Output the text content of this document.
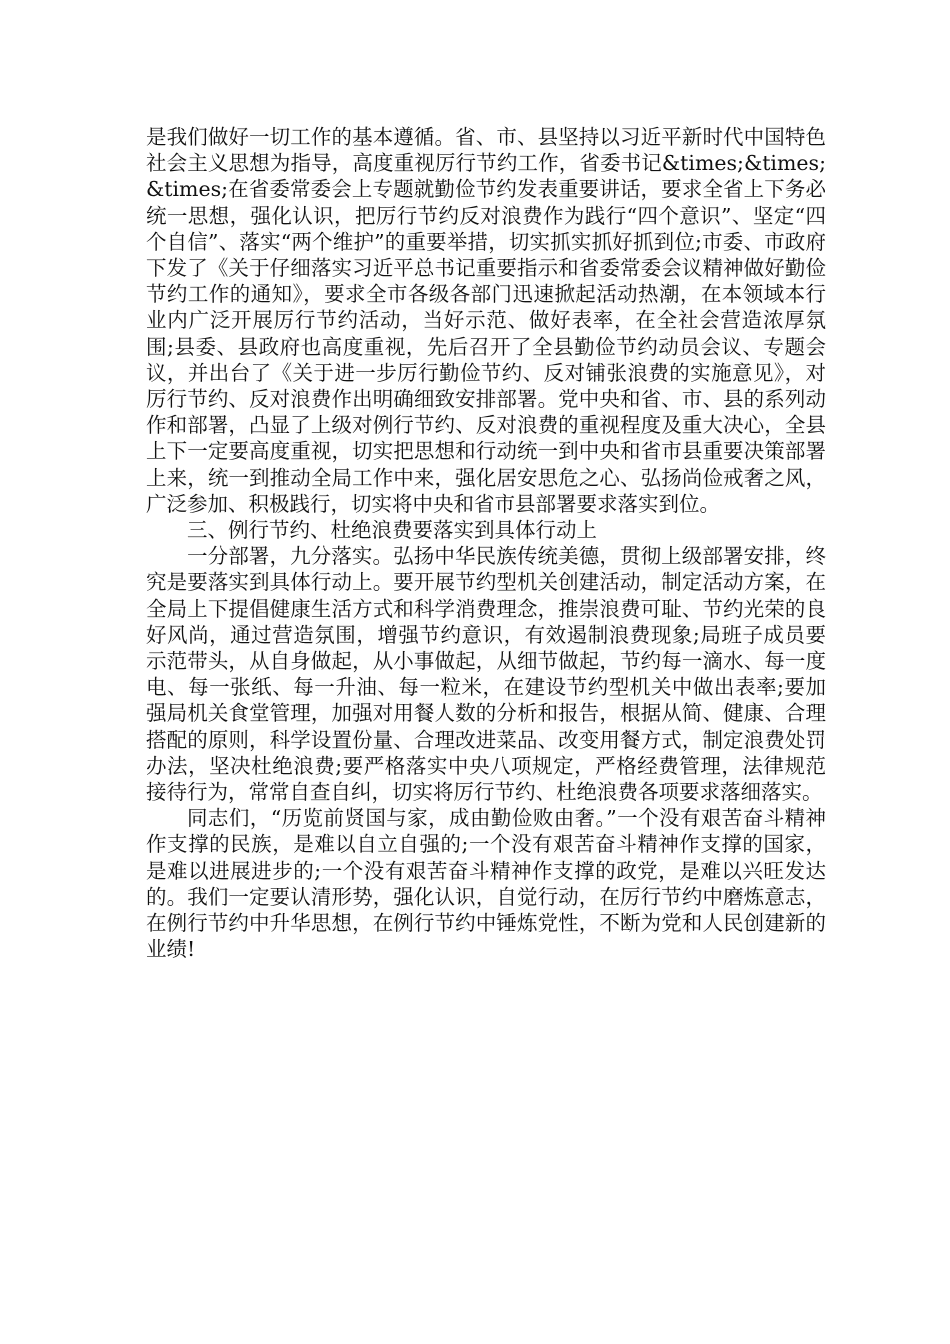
是我们做好一切工作的基本遵循。省、市、县坚持以习近平新时代中国特色社会主义思想为指导，高度重视厉行节约工作，省委书记&times;&times;&times;在省委常委会上专题就勤俭节约发表重要讲话，要求全省上下务必统一思想，强化认识，把厉行节约反对浪费作为践行“四个意识”、坚定“四个自信”、落实“两个维护”的重要举措，切实抓实抓好抓到位;市委、市政府下发了《关于仔细落实习近平总书记重要指示和省委常委会议精神做好勤俭节约工作的通知》，要求全市各级各部门迅速掀起活动热潮，在本领域本行业内广泛开展厉行节约活动，当好示范、做好表率，在全社会营造浓厚氛围;县委、县政府也高度重视，先后召开了全县勤俭节约动员会议、专题会议，并出台了《关于进一步厉行勤俭节约、反对铺张浪费的实施意见》，对厉行节约、反对浪费作出明确细致安排部署。党中央和省、市、县的系列动作和部署，凸显了上级对例行节约、反对浪费的重视程度及重大决心，全县上下一定要高度重视，切实把思想和行动统一到中央和省市县重要决策部署上来，统一到推动全局工作中来，强化居安思危之心、弘扬尚俭戒奢之风，广泛参加、积极践行，切实将中央和省市县部署要求落实到位。

三、例行节约、杜绝浪费要落实到具体行动上

一分部署，九分落实。弘扬中华民族传统美德，贯彻上级部署安排，终究是要落实到具体行动上。要开展节约型机关创建活动，制定活动方案，在全局上下提倡健康生活方式和科学消费理念，推崇浪费可耻、节约光荣的良好风尚，通过营造氛围，增强节约意识，有效遏制浪费现象;局班子成员要示范带头，从自身做起，从小事做起，从细节做起，节约每一滴水、每一度电、每一张纸、每一升油、每一粒米，在建设节约型机关中做出表率;要加强局机关食堂管理，加强对用餐人数的分析和报告，根据从简、健康、合理搭配的原则，科学设置份量、合理改进菜品、改变用餐方式，制定浪费处罚办法，坚决杜绝浪费;要严格落实中央八项规定，严格经费管理，法律规范接待行为，常常自查自纠，切实将厉行节约、杜绝浪费各项要求落细落实。

同志们，“历览前贤国与家，成由勤俭败由奢。”一个没有艰苦奋斗精神作支撑的民族，是难以自立自强的;一个没有艰苦奋斗精神作支撑的国家，是难以进展进步的;一个没有艰苦奋斗精神作支撑的政党，是难以兴旺发达的。我们一定要认清形势，强化认识，自觉行动，在厉行节约中磨炼意志，在例行节约中升华思想，在例行节约中锤炼党性，不断为党和人民创建新的业绩!
